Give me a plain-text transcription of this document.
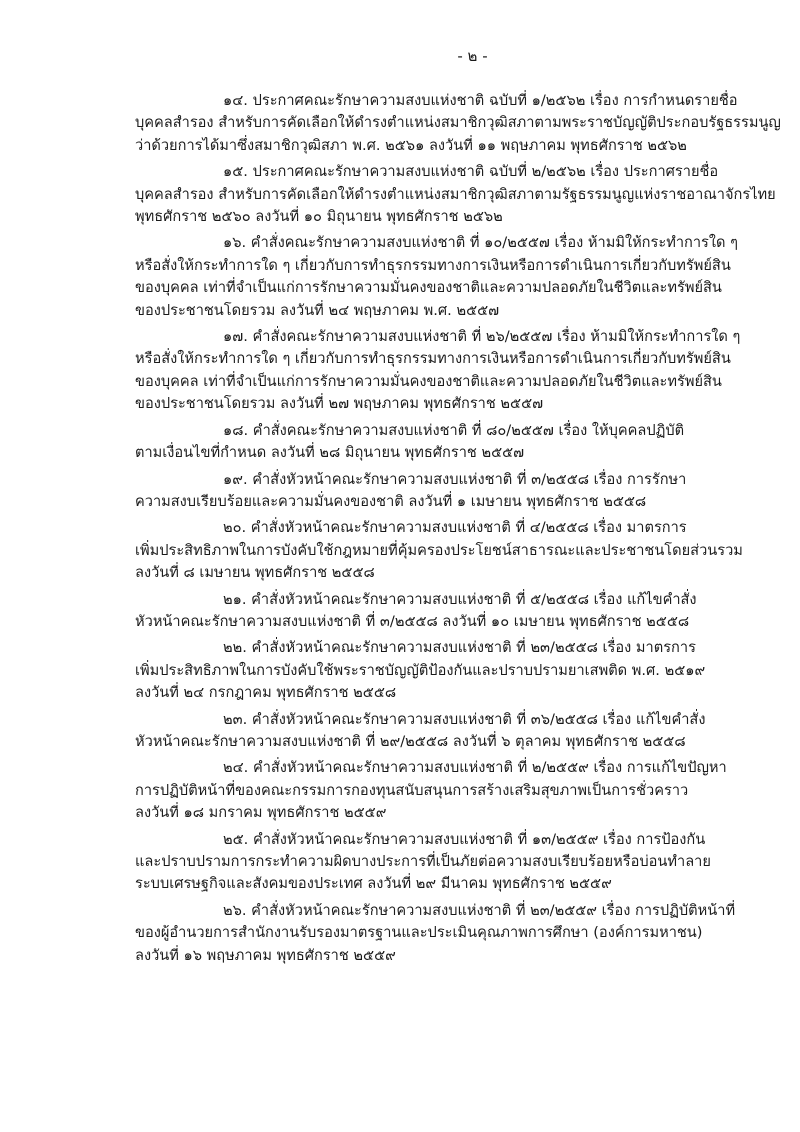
- ๒ -
๑๔. ประกาศคณะรักษาความสงบแห่งชาติ ฉบับที่ ๑/๒๕๖๒ เรื่อง การกำหนดรายชื่อ
บุคคลสำรอง สำหรับการคัดเลือกให้ดำรงตำแหน่งสมาชิกวุฒิสภาตามพระราชบัญญัติประกอบรัฐธรรมนูญ
ว่าด้วยการได้มาซึ่งสมาชิกวุฒิสภา พ.ศ. ๒๕๖๑ ลงวันที่ ๑๑ พฤษภาคม พุทธศักราช ๒๕๖๒
๑๕. ประกาศคณะรักษาความสงบแห่งชาติ ฉบับที่ ๒/๒๕๖๒ เรื่อง ประกาศรายชื่อ
บุคคลสำรอง สำหรับการคัดเลือกให้ดำรงตำแหน่งสมาชิกวุฒิสภาตามรัฐธรรมนูญแห่งราชอาณาจักรไทย
พุทธศักราช ๒๕๖๐ ลงวันที่ ๑๐ มิถุนายน พุทธศักราช ๒๕๖๒
๑๖. คำสั่งคณะรักษาความสงบแห่งชาติ ที่ ๑๐/๒๕๕๗ เรื่อง ห้ามมิให้กระทำการใด ๆ
หรือสั่งให้กระทำการใด ๆ เกี่ยวกับการทำธุรกรรมทางการเงินหรือการดำเนินการเกี่ยวกับทรัพย์สิน
ของบุคคล เท่าที่จำเป็นแก่การรักษาความมั่นคงของชาติและความปลอดภัยในชีวิตและทรัพย์สิน
ของประชาชนโดยรวม ลงวันที่ ๒๔ พฤษภาคม พ.ศ. ๒๕๕๗
๑๗. คำสั่งคณะรักษาความสงบแห่งชาติ ที่ ๒๖/๒๕๕๗ เรื่อง ห้ามมิให้กระทำการใด ๆ
หรือสั่งให้กระทำการใด ๆ เกี่ยวกับการทำธุรกรรมทางการเงินหรือการดำเนินการเกี่ยวกับทรัพย์สิน
ของบุคคล เท่าที่จำเป็นแก่การรักษาความมั่นคงของชาติและความปลอดภัยในชีวิตและทรัพย์สิน
ของประชาชนโดยรวม ลงวันที่ ๒๗ พฤษภาคม พุทธศักราช ๒๕๕๗
๑๘. คำสั่งคณะรักษาความสงบแห่งชาติ ที่ ๘๐/๒๕๕๗ เรื่อง ให้บุคคลปฏิบัติ
ตามเงื่อนไขที่กำหนด ลงวันที่ ๒๘ มิถุนายน พุทธศักราช ๒๕๕๗
๑๙. คำสั่งหัวหน้าคณะรักษาความสงบแห่งชาติ ที่ ๓/๒๕๕๘ เรื่อง การรักษา
ความสงบเรียบร้อยและความมั่นคงของชาติ ลงวันที่ ๑ เมษายน พุทธศักราช ๒๕๕๘
๒๐. คำสั่งหัวหน้าคณะรักษาความสงบแห่งชาติ ที่ ๔/๒๕๕๘ เรื่อง มาตรการ
เพิ่มประสิทธิภาพในการบังคับใช้กฎหมายที่คุ้มครองประโยชน์สาธารณะและประชาชนโดยส่วนรวม
ลงวันที่ ๘ เมษายน พุทธศักราช ๒๕๕๘
๒๑. คำสั่งหัวหน้าคณะรักษาความสงบแห่งชาติ ที่ ๕/๒๕๕๘ เรื่อง แก้ไขคำสั่ง
หัวหน้าคณะรักษาความสงบแห่งชาติ ที่ ๓/๒๕๕๘ ลงวันที่ ๑๐ เมษายน พุทธศักราช ๒๕๕๘
๒๒. คำสั่งหัวหน้าคณะรักษาความสงบแห่งชาติ ที่ ๒๓/๒๕๕๘ เรื่อง มาตรการ
เพิ่มประสิทธิภาพในการบังคับใช้พระราชบัญญัติป้องกันและปราบปรามยาเสพติด พ.ศ. ๒๕๑๙
ลงวันที่ ๒๔ กรกฎาคม พุทธศักราช ๒๕๕๘
๒๓. คำสั่งหัวหน้าคณะรักษาความสงบแห่งชาติ ที่ ๓๖/๒๕๕๘ เรื่อง แก้ไขคำสั่ง
หัวหน้าคณะรักษาความสงบแห่งชาติ ที่ ๒๙/๒๕๕๘ ลงวันที่ ๖ ตุลาคม พุทธศักราช ๒๕๕๘
๒๔. คำสั่งหัวหน้าคณะรักษาความสงบแห่งชาติ ที่ ๒/๒๕๕๙ เรื่อง การแก้ไขปัญหา
การปฏิบัติหน้าที่ของคณะกรรมการกองทุนสนับสนุนการสร้างเสริมสุขภาพเป็นการชั่วคราว
ลงวันที่ ๑๘ มกราคม พุทธศักราช ๒๕๕๙
๒๕. คำสั่งหัวหน้าคณะรักษาความสงบแห่งชาติ ที่ ๑๓/๒๕๕๙ เรื่อง การป้องกัน
และปราบปรามการกระทำความผิดบางประการที่เป็นภัยต่อความสงบเรียบร้อยหรือบ่อนทำลาย
ระบบเศรษฐกิจและสังคมของประเทศ ลงวันที่ ๒๙ มีนาคม พุทธศักราช ๒๕๕๙
๒๖. คำสั่งหัวหน้าคณะรักษาความสงบแห่งชาติ ที่ ๒๓/๒๕๕๙ เรื่อง การปฏิบัติหน้าที่
ของผู้อำนวยการสำนักงานรับรองมาตรฐานและประเมินคุณภาพการศึกษา (องค์การมหาชน)
ลงวันที่ ๑๖ พฤษภาคม พุทธศักราช ๒๕๕๙
